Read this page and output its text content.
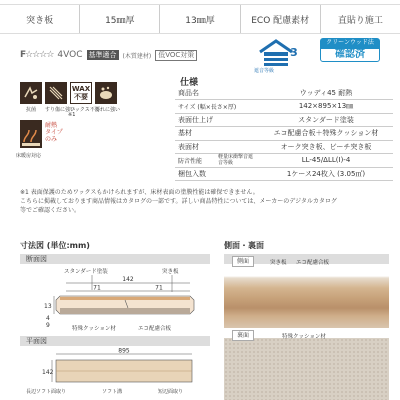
突き板	15㎜厚	13㎜厚	ECO 配慮素材	直貼り施工
F☆☆☆☆ 4VOC 基準適合	(木質建材)	低VOC対策	3
遮音等級
クリーンウッド法
確認済
WAX
不要
抗菌	すり傷に強い
ワックス不要
汚れに強い
※1
耐熱
タイプ
のみ
床暖房対応
仕様
商品名		ウッディ45 耐熱
サイズ (幅×長さ×厚)		142×895×13㎜
表面仕上げ		スタンダード塗装
基材		エコ配慮合板＋特殊クッション材
表面材		オーク突き板、ビーチ突き板
防音性能	軽量床衝撃音遮音等級	LL-45/ΔLL(Ⅰ)-4
梱包入数		1ケース24枚入 (3.05㎡)
※1 表面保護のためワックスもかけられますが、床材表面の塗膜性能は確保できません。
こちらに掲載しております商品情報はカタログの一部です。詳しい商品特性については、メーカーのデジタルカタログ
等でご確認ください。
寸法図 (単位:mm)
断面図
スタンダード塗装	突き板
142
71	71
13
4
9	特殊クッション材	エコ配慮合板
平面図
895
142
長辺ソフト面取り	ソフト溝	短辺面取り
側面・裏面
側面	突き板 エコ配慮合板
裏面	特殊クッション材
